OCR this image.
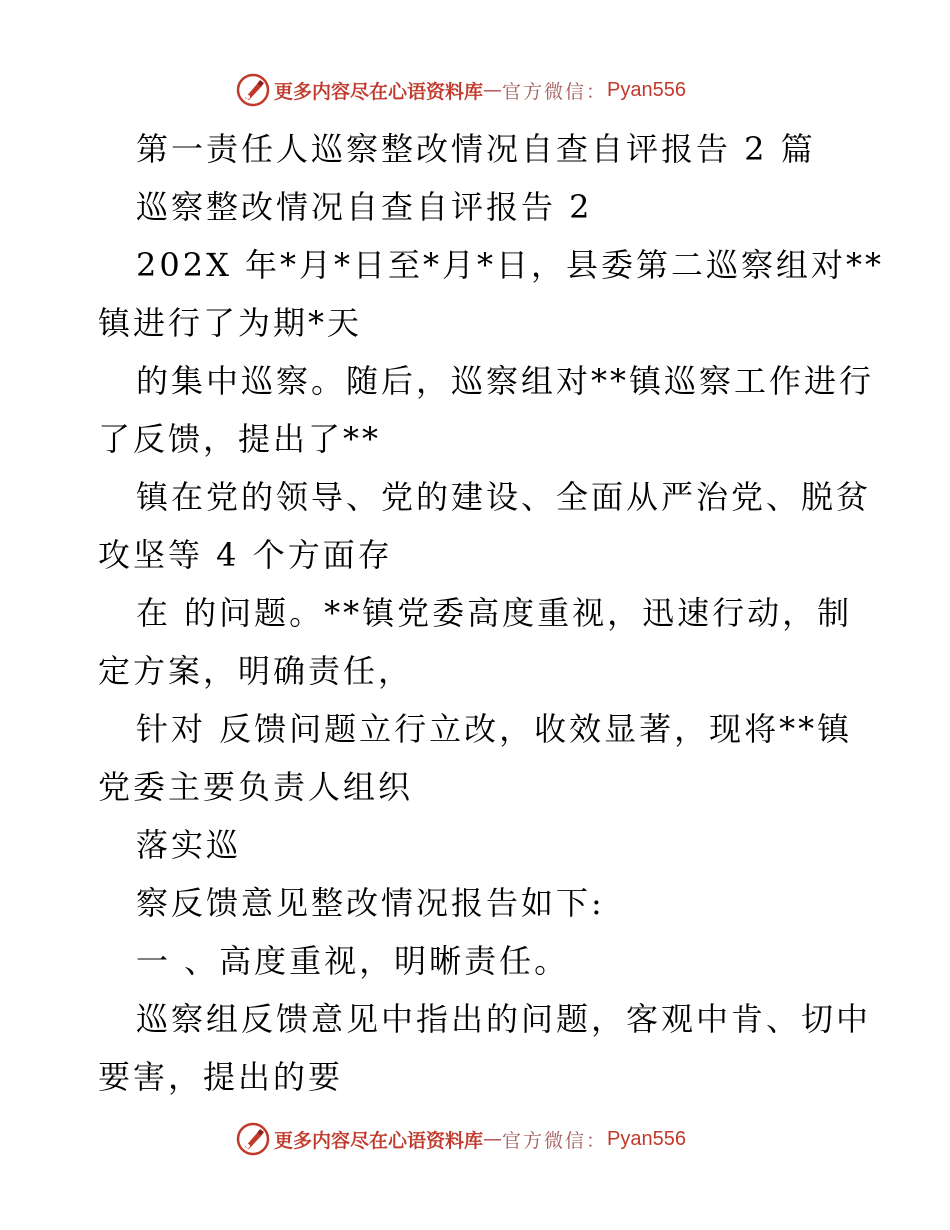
更多内容尽在心语资料库 — 官方微信： Pyan556
第一责任人巡察整改情况自查自评报告 2 篇
巡察整改情况自查自评报告 2
202X 年*月*日至*月*日，县委第二巡察组对**
镇进行了为期*天
的集中巡察。随后，巡察组对**镇巡察工作进行
了反馈，提出了**
镇在党的领导、党的建设、全面从严治党、脱贫
攻坚等 4 个方面存
在 的问题。**镇党委高度重视，迅速行动，制
定方案，明确责任，
针对 反馈问题立行立改，收效显著，现将**镇
党委主要负责人组织
落实巡
察反馈意见整改情况报告如下:
一 、高度重视，明晰责任。
巡察组反馈意见中指出的问题，客观中肯、切中
要害，提出的要
更多内容尽在心语资料库 — 官方微信： Pyan556
